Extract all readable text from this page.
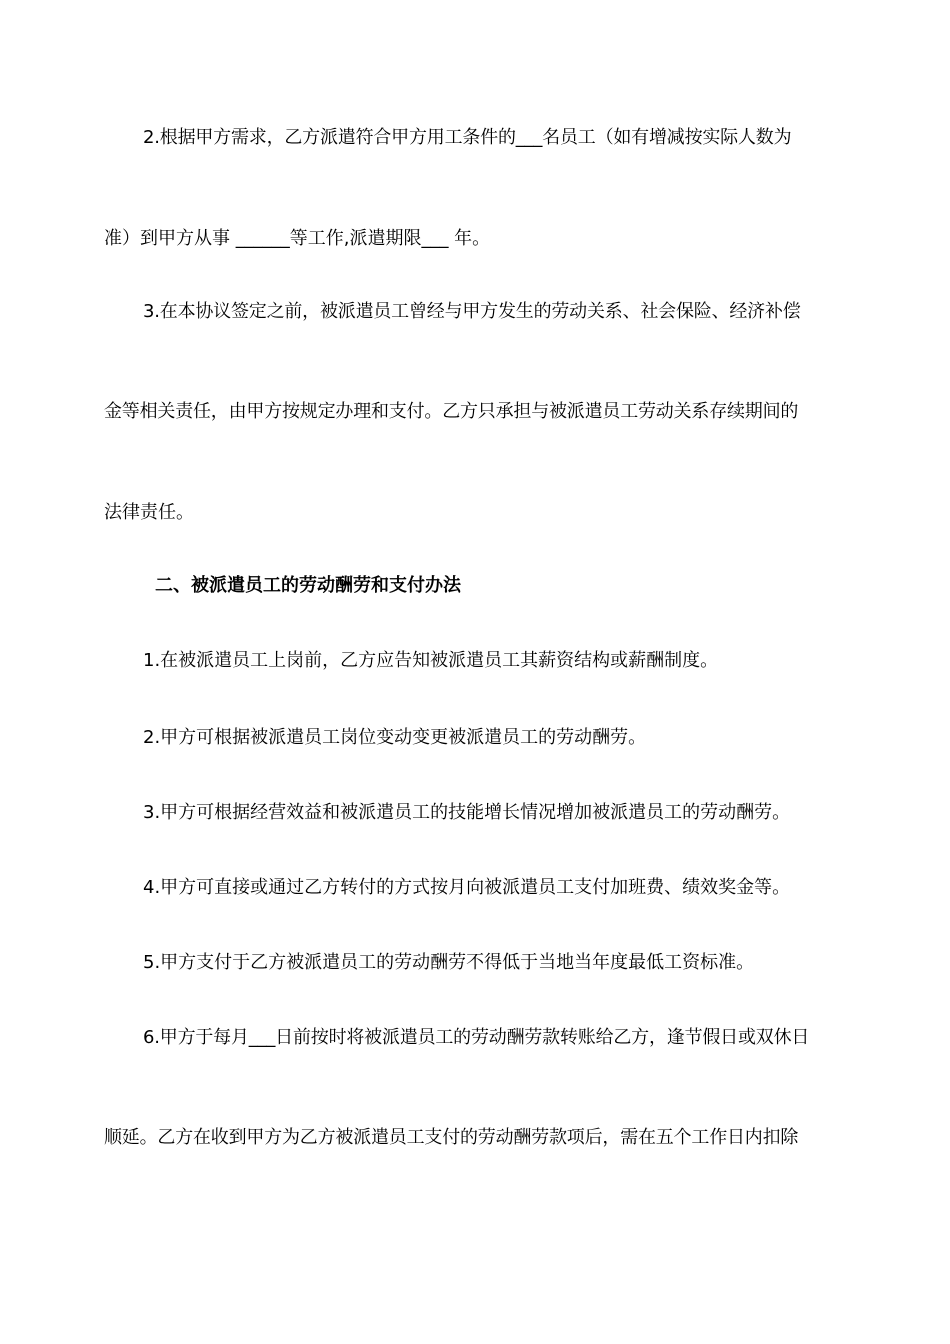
2.根据甲方需求，乙方派遣符合甲方用工条件的___名员工（如有增减按实际人数为
准）到甲方从事 ______等工作,派遣期限___ 年。
3.在本协议签定之前，被派遣员工曾经与甲方发生的劳动关系、社会保险、经济补偿
金等相关责任，由甲方按规定办理和支付。乙方只承担与被派遣员工劳动关系存续期间的
法律责任。
二、被派遣员工的劳动酬劳和支付办法
1.在被派遣员工上岗前，乙方应告知被派遣员工其薪资结构或薪酬制度。
2.甲方可根据被派遣员工岗位变动变更被派遣员工的劳动酬劳。
3.甲方可根据经营效益和被派遣员工的技能增长情况增加被派遣员工的劳动酬劳。
4.甲方可直接或通过乙方转付的方式按月向被派遣员工支付加班费、绩效奖金等。
5.甲方支付于乙方被派遣员工的劳动酬劳不得低于当地当年度最低工资标准。
6.甲方于每月___日前按时将被派遣员工的劳动酬劳款转账给乙方，逢节假日或双休日
顺延。乙方在收到甲方为乙方被派遣员工支付的劳动酬劳款项后，需在五个工作日内扣除
